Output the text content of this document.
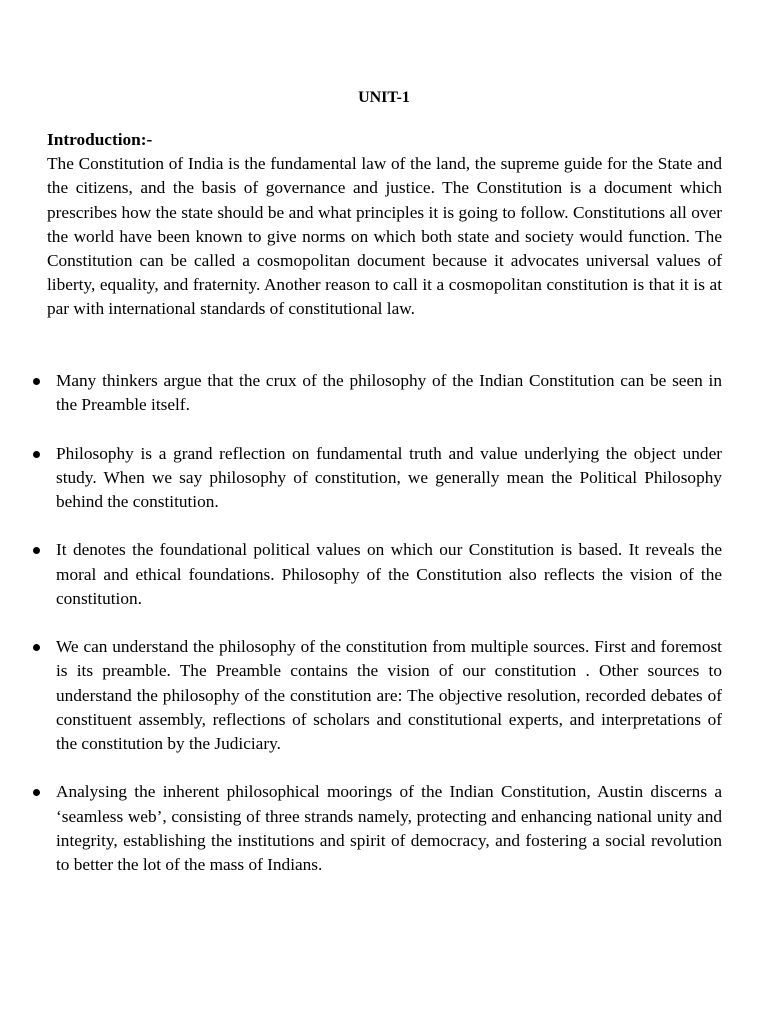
UNIT-1

Introduction:-

The Constitution of India is the fundamental law of the land, the supreme guide for the State and the citizens, and the basis of governance and justice. The Constitution is a document which prescribes how the state should be and what principles it is going to follow. Constitutions all over the world have been known to give norms on which both state and society would function. The Constitution can be called a cosmopolitan document because it advocates universal values of liberty, equality, and fraternity. Another reason to call it a cosmopolitan constitution is that it is at par with international standards of constitutional law.

Many thinkers argue that the crux of the philosophy of the Indian Constitution can be seen in the Preamble itself.
Philosophy is a grand reflection on fundamental truth and value underlying the object under study. When we say philosophy of constitution, we generally mean the Political Philosophy behind the constitution.
It denotes the foundational political values on which our Constitution is based. It reveals the moral and ethical foundations. Philosophy of the Constitution also reflects the vision of the constitution.
We can understand the philosophy of the constitution from multiple sources. First and foremost is its preamble. The Preamble contains the vision of our constitution . Other sources to understand the philosophy of the constitution are: The objective resolution, recorded debates of constituent assembly, reflections of scholars and constitutional experts, and interpretations of the constitution by the Judiciary.
Analysing the inherent philosophical moorings of the Indian Constitution, Austin discerns a ‘seamless web’, consisting of three strands namely, protecting and enhancing national unity and integrity, establishing the institutions and spirit of democracy, and fostering a social revolution to better the lot of the mass of Indians.
